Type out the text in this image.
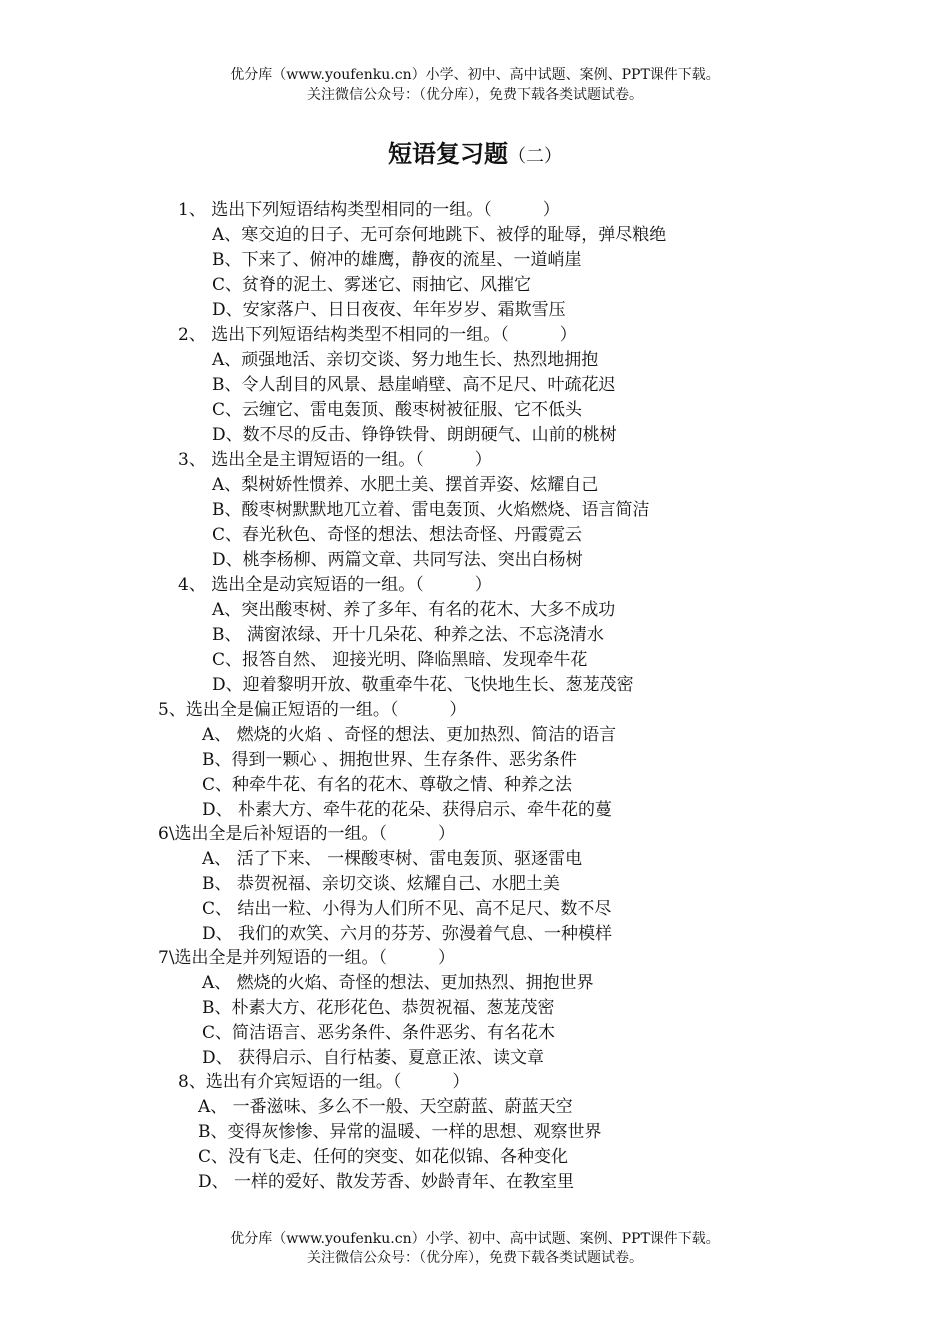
优分库（www.youfenku.cn）小学、初中、高中试题、案例、PPT课件下载。
关注微信公众号：（优分库），免费下载各类试题试卷。
短语复习题（二）
1、 选出下列短语结构类型相同的一组。（　　　）
A、寒交迫的日子、无可奈何地跳下、被俘的耻辱，弹尽粮绝
B、下来了、俯冲的雄鹰，静夜的流星、一道峭崖
C、贫脊的泥土、雾迷它、雨抽它、风摧它
D、安家落户、日日夜夜、年年岁岁、霜欺雪压
2、 选出下列短语结构类型不相同的一组。（　　　）
A、顽强地活、亲切交谈、努力地生长、热烈地拥抱
B、令人刮目的风景、悬崖峭壁、高不足尺、叶疏花迟
C、云缠它、雷电轰顶、酸枣树被征服、它不低头
D、数不尽的反击、铮铮铁骨、朗朗硬气、山前的桃树
3、 选出全是主谓短语的一组。（　　　）
A、梨树娇性惯养、水肥土美、摆首弄姿、炫耀自己
B、酸枣树默默地兀立着、雷电轰顶、火焰燃烧、语言简洁
C、春光秋色、奇怪的想法、想法奇怪、丹霞霓云
D、桃李杨柳、两篇文章、共同写法、突出白杨树
4、 选出全是动宾短语的一组。（　　　）
A、突出酸枣树、养了多年、有名的花木、大多不成功
B、 满窗浓绿、开十几朵花、种养之法、不忘浇清水
C、报答自然、 迎接光明、降临黑暗、发现牵牛花
D、迎着黎明开放、敬重牵牛花、飞快地生长、葱茏茂密
5、选出全是偏正短语的一组。（　　　）
A、 燃烧的火焰 、奇怪的想法、更加热烈、简洁的语言
B、得到一颗心 、拥抱世界、生存条件、恶劣条件
C、种牵牛花、有名的花木、尊敬之情、种养之法
D、 朴素大方、牵牛花的花朵、获得启示、牵牛花的蔓
6\选出全是后补短语的一组。（　　　）
A、 活了下来、 一棵酸枣树、雷电轰顶、驱逐雷电
B、 恭贺祝福、亲切交谈、炫耀自己、水肥土美
C、 结出一粒、小得为人们所不见、高不足尺、数不尽
D、 我们的欢笑、六月的芬芳、弥漫着气息、一种模样
7\选出全是并列短语的一组。（　　　）
A、 燃烧的火焰、奇怪的想法、更加热烈、拥抱世界
B、朴素大方、花形花色、恭贺祝福、葱茏茂密
C、简洁语言、恶劣条件、条件恶劣、有名花木
D、 获得启示、自行枯萎、夏意正浓、读文章
8、选出有介宾短语的一组。（　　　）
A、 一番滋味、多么不一般、天空蔚蓝、蔚蓝天空
B、变得灰惨惨、异常的温暖、一样的思想、观察世界
C、没有飞走、任何的突变、如花似锦、各种变化
D、 一样的爱好、散发芳香、妙龄青年、在教室里
优分库（www.youfenku.cn）小学、初中、高中试题、案例、PPT课件下载。
关注微信公众号：（优分库），免费下载各类试题试卷。
